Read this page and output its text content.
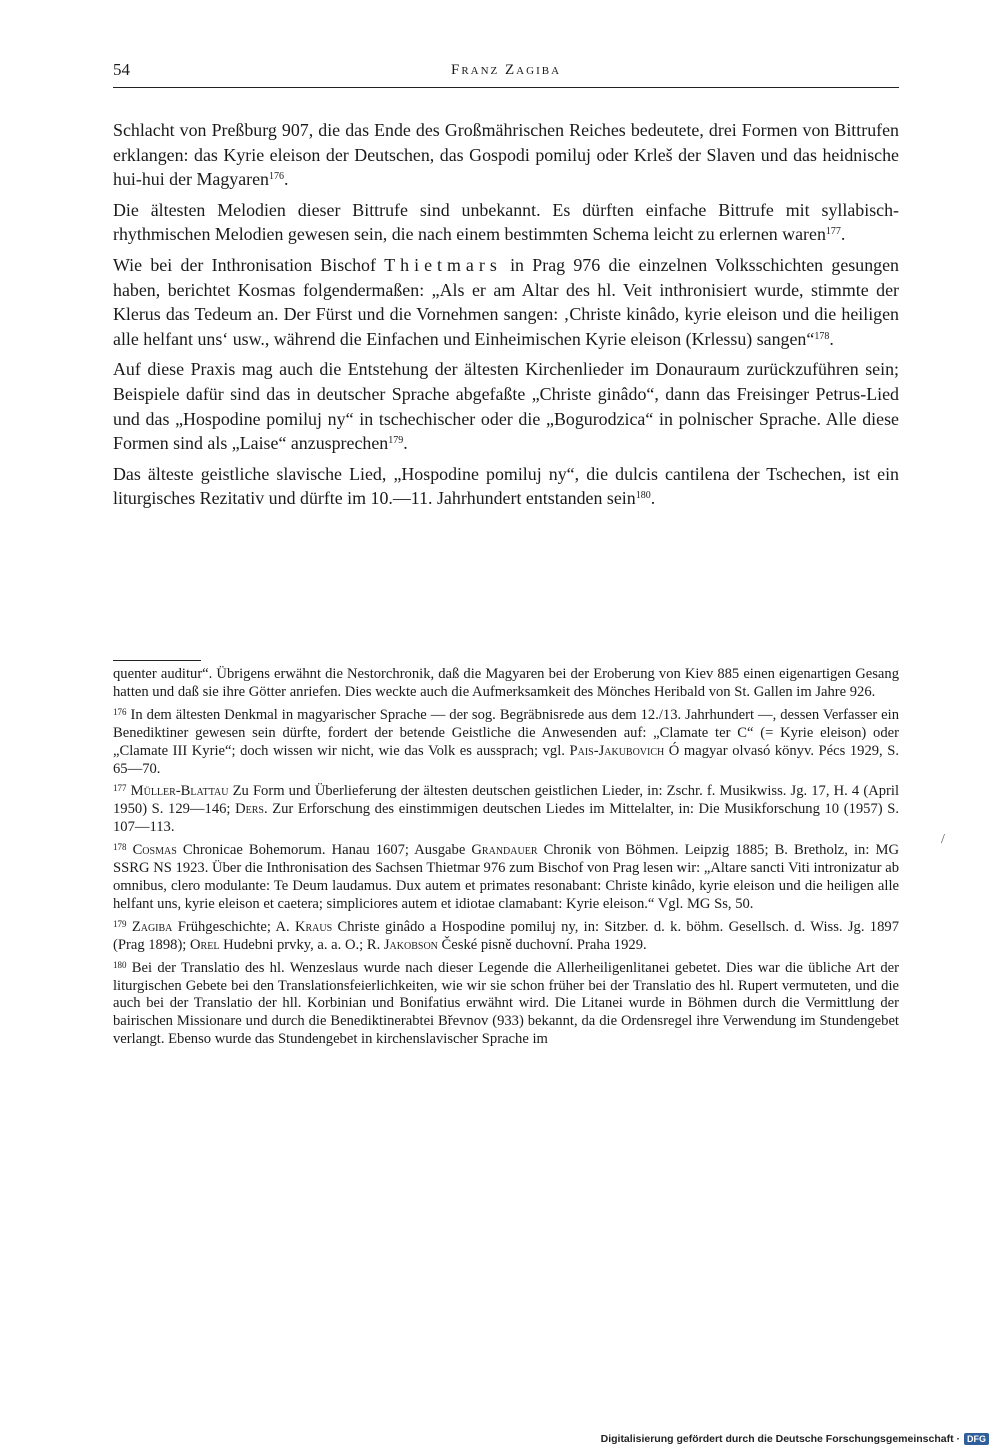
54	Franz Zagiba

Schlacht von Preßburg 907, die das Ende des Großmährischen Reiches bedeutete, drei Formen von Bittrufen erklangen: das Kyrie eleison der Deutschen, das Gospodi pomiluj oder Krleš der Slaven und das heidnische hui-hui der Magyaren$^{176}$.

Die ältesten Melodien dieser Bittrufe sind unbekannt. Es dürften einfache Bittrufe mit syllabisch-rhythmischen Melodien gewesen sein, die nach einem bestimmten Schema leicht zu erlernen waren$^{177}$.

Wie bei der Inthronisation Bischof Thietmars in Prag 976 die einzelnen Volksschichten gesungen haben, berichtet Kosmas folgendermaßen: „Als er am Altar des hl. Veit inthronisiert wurde, stimmte der Klerus das Tedeum an. Der Fürst und die Vornehmen sangen: ‚Christe kinâdo, kyrie eleison und die heiligen alle helfant uns‘ usw., während die Einfachen und Einheimischen Kyrie eleison (Krlessu) sangen“$^{178}$.

Auf diese Praxis mag auch die Entstehung der ältesten Kirchenlieder im Donauraum zurückzuführen sein; Beispiele dafür sind das in deutscher Sprache abgefaßte „Christe ginâdo“, dann das Freisinger Petrus-Lied und das „Hospodine pomiluj ny“ in tschechischer oder die „Bogurodzica“ in polnischer Sprache. Alle diese Formen sind als „Laise“ anzusprechen$^{179}$.

Das älteste geistliche slavische Lied, „Hospodine pomiluj ny“, die dulcis cantilena der Tschechen, ist ein liturgisches Rezitativ und dürfte im 10.—11. Jahrhundert entstanden sein$^{180}$.

quenter auditur“. Übrigens erwähnt die Nestorchronik, daß die Magyaren bei der Eroberung von Kiev 885 einen eigenartigen Gesang hatten und daß sie ihre Götter anriefen. Dies weckte auch die Aufmerksamkeit des Mönches Heribald von St. Gallen im Jahre 926.

$^{176}$ In dem ältesten Denkmal in magyarischer Sprache — der sog. Begräbnisrede aus dem 12./13. Jahrhundert —, dessen Verfasser ein Benediktiner gewesen sein dürfte, fordert der betende Geistliche die Anwesenden auf: „Clamate ter C“ (= Kyrie eleison) oder „Clamate III Kyrie“; doch wissen wir nicht, wie das Volk es aussprach; vgl. Pais-Jakubovich Ó magyar olvasó könyv. Pécs 1929, S. 65—70.

$^{177}$ Müller-Blattau Zu Form und Überlieferung der ältesten deutschen geistlichen Lieder, in: Zschr. f. Musikwiss. Jg. 17, H. 4 (April 1950) S. 129—146; Ders. Zur Erforschung des einstimmigen deutschen Liedes im Mittelalter, in: Die Musikforschung 10 (1957) S. 107—113.

$^{178}$ Cosmas Chronicae Bohemorum. Hanau 1607; Ausgabe Grandauer Chronik von Böhmen. Leipzig 1885; B. Bretholz, in: MG SSRG NS 1923. Über die Inthronisation des Sachsen Thietmar 976 zum Bischof von Prag lesen wir: „Altare sancti Viti intronizatur ab omnibus, clero modulante: Te Deum laudamus. Dux autem et primates resonabant: Christe kinâdo, kyrie eleison und die heiligen alle helfant uns, kyrie eleison et caetera; simpliciores autem et idiotae clamabant: Kyrie eleison.“ Vgl. MG Ss, 50.

$^{179}$ Zagiba Frühgeschichte; A. Kraus Christe ginâdo a Hospodine pomiluj ny, in: Sitzber. d. k. böhm. Gesellsch. d. Wiss. Jg. 1897 (Prag 1898); Orel Hudebni prvky, a. a. O.; R. Jakobson České pisně duchovní. Praha 1929.

$^{180}$ Bei der Translatio des hl. Wenzeslaus wurde nach dieser Legende die Allerheiligenlitanei gebetet. Dies war die übliche Art der liturgischen Gebete bei den Translationsfeierlichkeiten, wie wir sie schon früher bei der Translatio des hl. Rupert vermuteten, und die auch bei der Translatio der hll. Korbinian und Bonifatius erwähnt wird. Die Litanei wurde in Böhmen durch die Vermittlung der bairischen Missionare und durch die Benediktinerabtei Břevnov (933) bekannt, da die Ordensregel ihre Verwendung im Stundengebet verlangt. Ebenso wurde das Stundengebet in kirchenslavischer Sprache im

/
Digitalisierung gefördert durch die Deutsche Forschungsgemeinschaft · DFG
